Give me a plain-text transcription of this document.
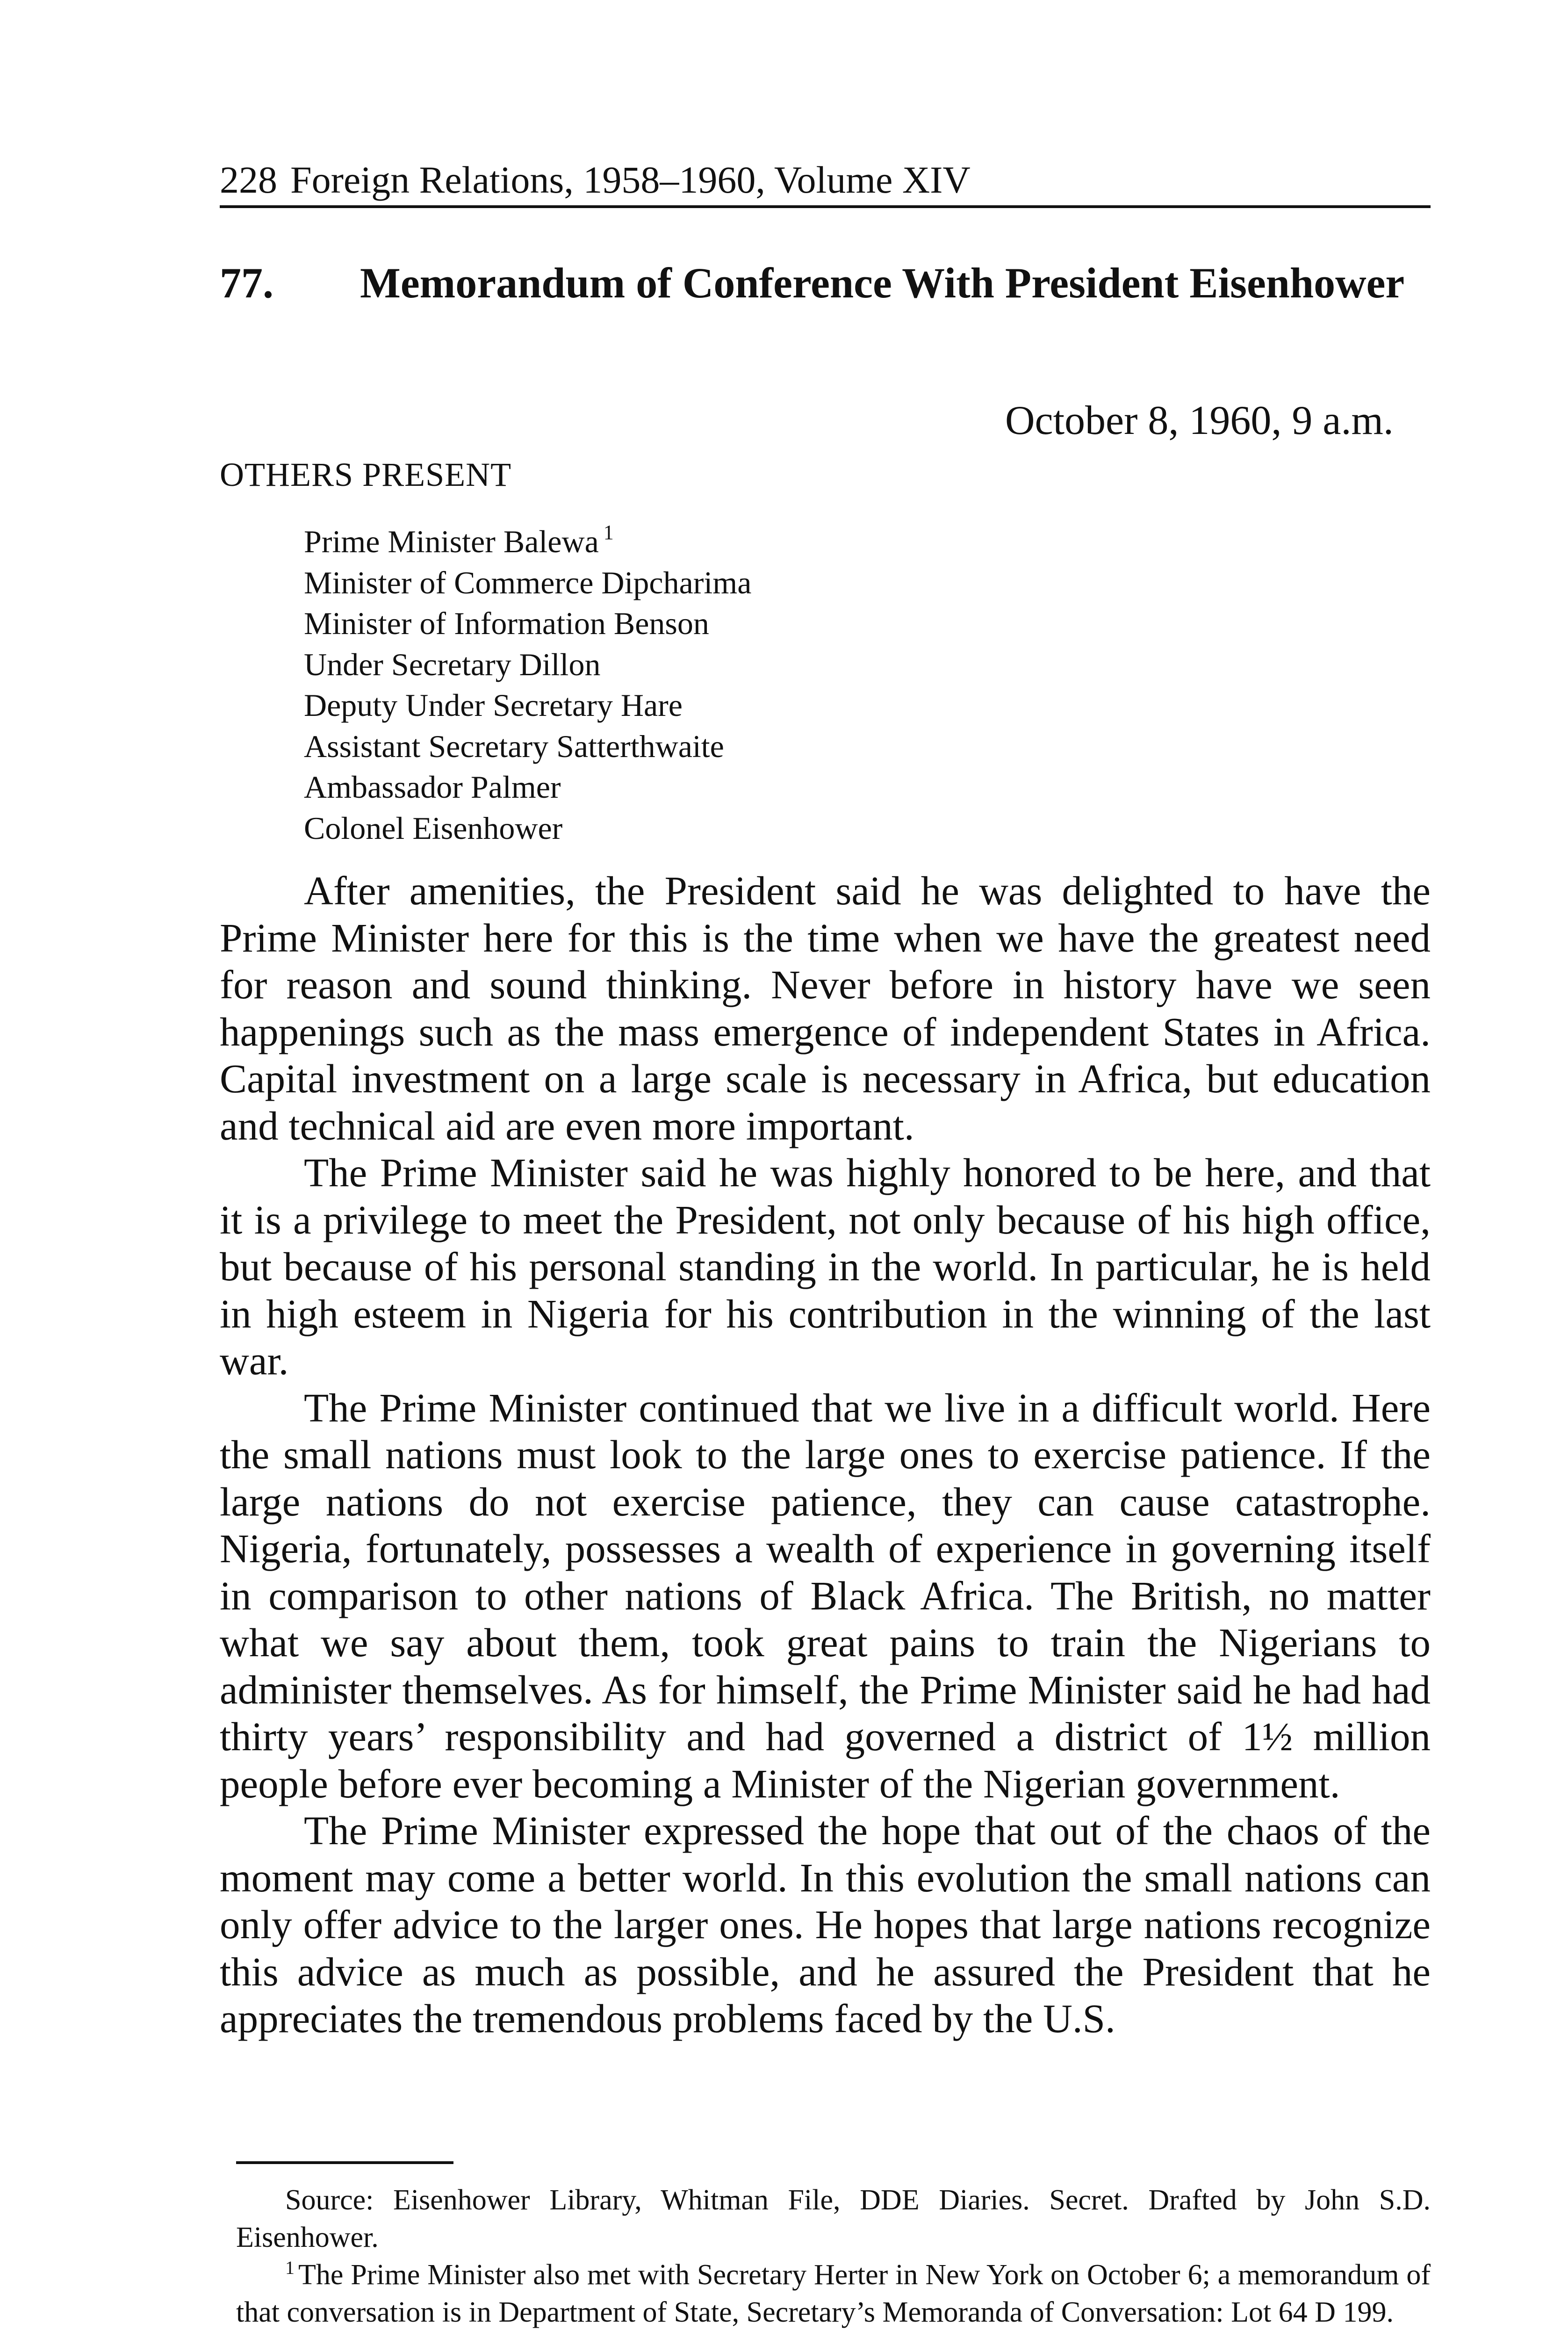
228 Foreign Relations, 1958–1960, Volume XIV
77. Memorandum of Conference With President Eisenhower
October 8, 1960, 9 a.m.
OTHERS PRESENT
Prime Minister Balewa $^1$
Minister of Commerce Dipcharima
Minister of Information Benson
Under Secretary Dillon
Deputy Under Secretary Hare
Assistant Secretary Satterthwaite
Ambassador Palmer
Colonel Eisenhower

After amenities, the President said he was delighted to have the Prime Minister here for this is the time when we have the greatest need for reason and sound thinking. Never before in history have we seen happenings such as the mass emergence of independent States in Africa. Capital investment on a large scale is necessary in Africa, but education and technical aid are even more important.

The Prime Minister said he was highly honored to be here, and that it is a privilege to meet the President, not only because of his high office, but because of his personal standing in the world. In particular, he is held in high esteem in Nigeria for his contribution in the winning of the last war.

The Prime Minister continued that we live in a difficult world. Here the small nations must look to the large ones to exercise patience. If the large nations do not exercise patience, they can cause catastrophe. Nigeria, fortunately, possesses a wealth of experience in governing itself in comparison to other nations of Black Africa. The British, no matter what we say about them, took great pains to train the Nigerians to administer themselves. As for himself, the Prime Minister said he had had thirty years’ responsibility and had governed a district of 1½ million people before ever becoming a Minister of the Nigerian government.

The Prime Minister expressed the hope that out of the chaos of the moment may come a better world. In this evolution the small nations can only offer advice to the larger ones. He hopes that large nations recognize this advice as much as possible, and he assured the President that he appreciates the tremendous problems faced by the U.S.

Source: Eisenhower Library, Whitman File, DDE Diaries. Secret. Drafted by John S.D. Eisenhower.

$^1$ The Prime Minister also met with Secretary Herter in New York on October 6; a memorandum of that conversation is in Department of State, Secretary’s Memoranda of Conversation: Lot 64 D 199.
